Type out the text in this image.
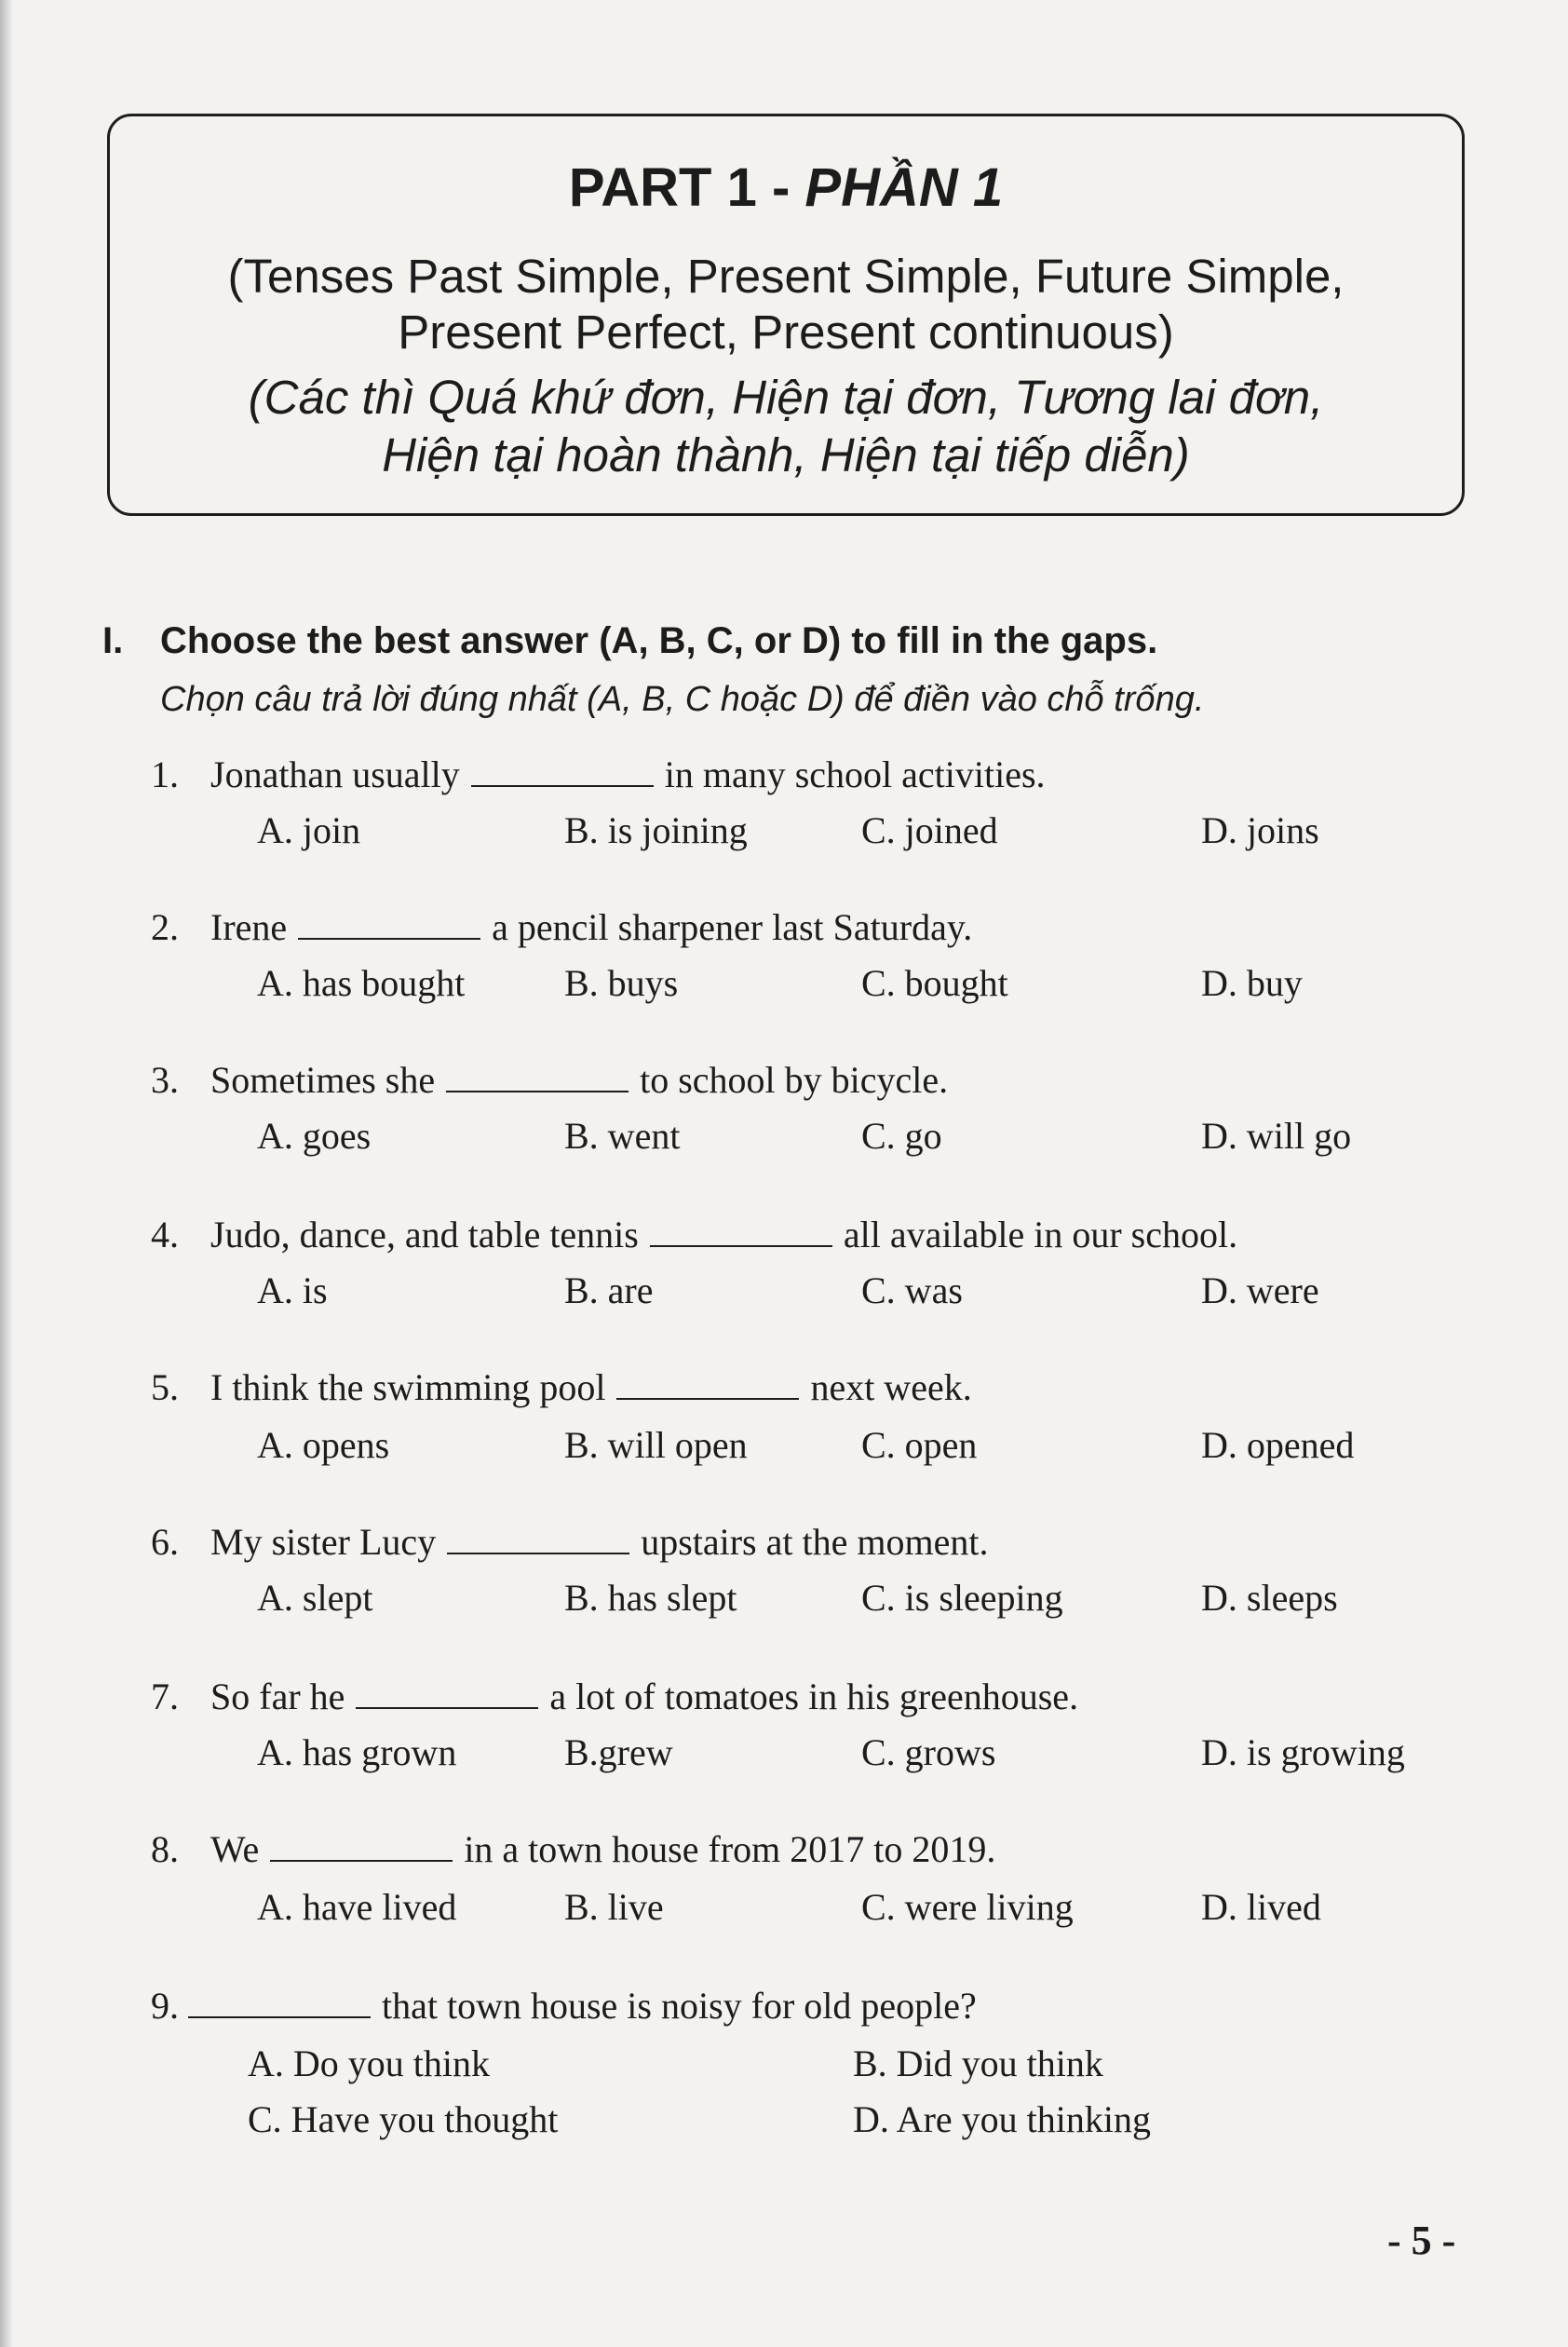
PART 1 - PHẦN 1
(Tenses Past Simple, Present Simple, Future Simple,
Present Perfect, Present continuous)
(Các thì Quá khứ đơn, Hiện tại đơn, Tương lai đơn,
Hiện tại hoàn thành, Hiện tại tiếp diễn)
I. Choose the best answer (A, B, C, or D) to fill in the gaps.
Chọn câu trả lời đúng nhất (A, B, C hoặc D) để điền vào chỗ trống.
1. Jonathan usually	in many school activities.
A. join	B. is joining	C. joined	D. joins
2. Irene	a pencil sharpener last Saturday.
A. has bought	B. buys	C. bought	D. buy
3. Sometimes she	to school by bicycle.
A. goes	B. went	C. go	D. will go
4. Judo, dance, and table tennis	all available in our school.
A. is	B. are	C. was	D. were
5. I think the swimming pool	next week.
A. opens	B. will open	C. open	D. opened
6. My sister Lucy	upstairs at the moment.
A. slept	B. has slept	C. is sleeping	D. sleeps
7. So far he	a lot of tomatoes in his greenhouse.
A. has grown	B.grew	C. grows	D. is growing
8. We	in a town house from 2017 to 2019.
A. have lived	B. live	C. were living	D. lived
9.	that town house is noisy for old people?
A. Do you think	B. Did you think
C. Have you thought	D. Are you thinking
- 5 -
